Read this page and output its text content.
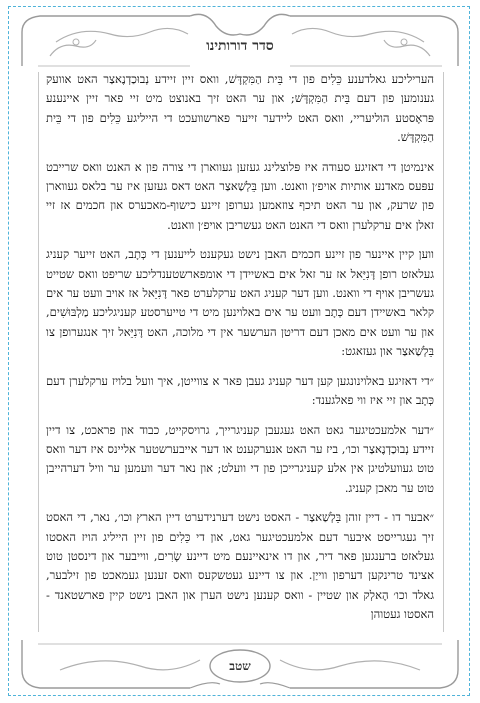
סדר דורותינו
שטב

העריליכע גאלדענע כֵּלִים פון די בֵּית הַמִּקְדָּשׁ, וואס זיין זיידע נְבוּכַדְנֶאצַר האט אוועק גענומען פון דעם בֵּית הַמִּקְדָּשׁ; און ער האט זיך באנוצט מיט זיי פאר זיין איינענע פּראָסטע הוליעריי, וואס האט ליידער זייער פארשוועכט די הייליגע כֵּלִים פון די בֵּית הַמִּקְדָּשׁ.

אינמיטן די דאזיגע סעודה איז פּלוצלינג געזען געווארן די צורה פון א האנט וואס שרייבט עפּעס מאדנע אותיות אויפ׳ן וואנט. ווען בֵּלְשַׁאצַר האט דאס געזען איז ער בלאס געווארן פון שרעק, און ער האט תיכף צוזאמען גערופן זיינע כישוף-מאכערס און חכמים אז זיי זאלן אים ערקלערן וואס די האנט האט געשריבן אויפ׳ן וואנט.

ווען קיין איינער פון זיינע חכמים האבן נישט געקענט לייענען די כְּתָב, האט זייער קעניג געלאזט רופן דָּנִיֵּאל אז ער זאל אים באשיידן די אומפארשטענדליכע שריפט וואס שטייט געשריבן אויף די וואנט. ווען דער קעניג האט ערקלערט פאר דָּנִיֵּאל אז אויב וועט ער אים קלאר באשיידן דעם כְּתָב וועט ער אים באלוינען מיט די טייערסטע קעניגליכע מַלְבּוּשִׁים, און ער וועט אים מאכן דעם דריטן הערשער אין די מלוכה, האט דָּנִיֵּאל זיך אנגערופן צו בֵּלְשַׁאצַר און געזאגט:

״די דאזיגע באלוינונגען קען דער קעניג געבן פאר א צווייטן, איך וועל בלויז ערקלערן דעם כְּתָב און זיי איז ווי פאלגענד:

״דער אלמעכטיגער גאט האט געגעבן קעניגרייך, גרויסקייט, כבוד און פראכט, צו דיין זיידע נְבוּכַדְנֶאצַר וכו׳, ביז ער האט אנערקענט או דער אייבערשטער אליינס איז דער וואס טוט געוועלטיגן אין אלע קעניגרייכן פון די וועלט; און נאר דער וועמען ער וויל דערהייבן טוט ער מאכן קעניג.

״אבער דו - דיין זוהן בֵּלְשַׁאצַר - האסט נישט דערנידערט דיין הארץ וכו׳, נאר, די האסט זיך געגרייסט איבער דעם אלמעכטיגער גאט, און די כֵּלִים פון זיין הייליג הויז האסטו געלאזט ברענגען פאר דיר, און דו אינאיינעם מיט דיינע שָׂרִים, ווייבער און דינסטן טוט אצינד טרינקען דערפון ווייַן. און צו דיינע געטשקעס וואס זענען געמאכט פון זילבער, גאלד וכו׳ הֶאלְק און שטיין - וואס קענען נישט הערן און האבן נישט קיין פארשטאנד - האסטו געטוהן
